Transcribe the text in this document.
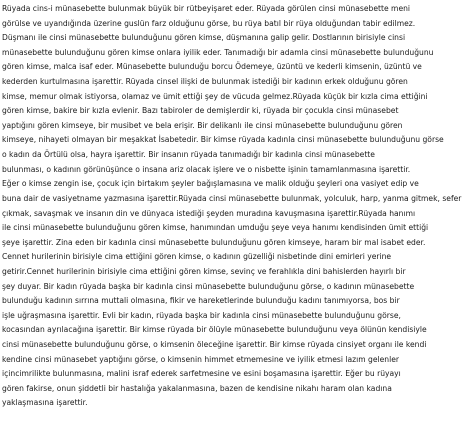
Rüyada cins-i münasebette bulunmak büyük bir rütbeyişaret eder. Rüyada görülen cinsi münasebette meni
görülse ve uyandığında üzerine guslün farz olduğunu görse, bu rüya batıl bir rüya olduğundan tabir edilmez.
Düşmanı ile cinsi münasebette bulunduğunu gören kimse, düşmanına galip gelir. Dostlarının birisiyle cinsi
münasebette bulunduğunu gören kimse onlara iyilik eder. Tanımadığı bir adamla cinsi münasebette bulunduğunu
gören kimse, malca isaf eder. Münasebette bulunduğu borcu Ödemeye, üzüntü ve kederli kimsenin, üzüntü ve
kederden kurtulmasına işarettir. Rüyada cinsel ilişki de bulunmak istediği bir kadının erkek olduğunu gören
kimse, memur olmak istiyorsa, olamaz ve ümit ettiği şey de vücuda gelmez.Rüyada küçük bir kızla cima ettiğini
gören kimse, bakire bir kızla evlenir. Bazı tabiroler de demişlerdir ki, rüyada bir çocukla cinsi münasebet
yaptığını gören kimseye, bir musibet ve bela erişir. Bir delikanlı ile cinsi münasebette bulunduğunu gören
kimseye, nihayeti olmayan bir meşakkat İsabetedir. Bir kimse rüyada kadınla cinsi münasebette bulunduğunu görse
o kadın da Örtülü olsa, hayra işarettir. Bir insanın rüyada tanımadığı bir kadınla cinsi münasebette
bulunması, o kadının görünüşünce o insana ariz olacak işlere ve o nisbette işinin tamamlanmasına işarettir.
Eğer o kimse zengin ise, çocuk için birtakım şeyler bağışlamasına ve malik olduğu şeyleri ona vasiyet edip ve
buna dair de vasiyetname yazmasına işarettir.Rüyada cinsi münasebette bulunmak, yolculuk, harp, yanma gitmek, sefer
çıkmak, savaşmak ve insanın din ve dünyaca istediği şeyden muradına kavuşmasına işarettir.Rüyada hanımı
ile cinsi münasebette bulunduğunu gören kimse, hanımından umduğu şeye veya hanımı kendisinden ümit ettiği
şeye işarettir. Zina eden bir kadınla cinsi münasebette bulunduğunu gören kimseye, haram bir mal isabet eder.
Cennet hurilerinin birisiyle cima ettiğini gören kimse, o kadının güzelliği nisbetinde dini emirleri yerine
getirir.Cennet hurilerinin birisiyle cima ettiğini gören kimse, sevinç ve ferahlıkla dini bahislerden hayırlı bir
şey duyar. Bir kadın rüyada başka bir kadınla cinsi münasebette bulunduğunu görse, o kadının münasebette
bulunduğu kadının sırrına muttali olmasına, fikir ve hareketlerinde bulunduğu kadını tanımıyorsa, bos bir
işle uğraşmasına işarettir. Evli bir kadın, rüyada başka bir kadınla cinsi münasebette bulunduğunu görse,
kocasından ayrılacağına işarettir. Bir kimse rüyada bir ölüyle münasebette bulunduğunu veya ölünün kendisiyle
cinsi münasebette bulunduğunu görse, o kimsenin öleceğine işarettir. Bir kimse rüyada cinsiyet organı ile kendi
kendine cinsi münasebet yaptığını görse, o kimsenin himmet etmemesine ve iyilik etmesi lazım gelenler
içincimrilikte bulunmasına, malini israf ederek sarfetmesine ve esini boşamasına işarettir. Eğer bu rüyayı
gören fakirse, onun şiddetli bir hastalığa yakalanmasına, bazen de kendisine nikahı haram olan kadına
yaklaşmasına işarettir.
